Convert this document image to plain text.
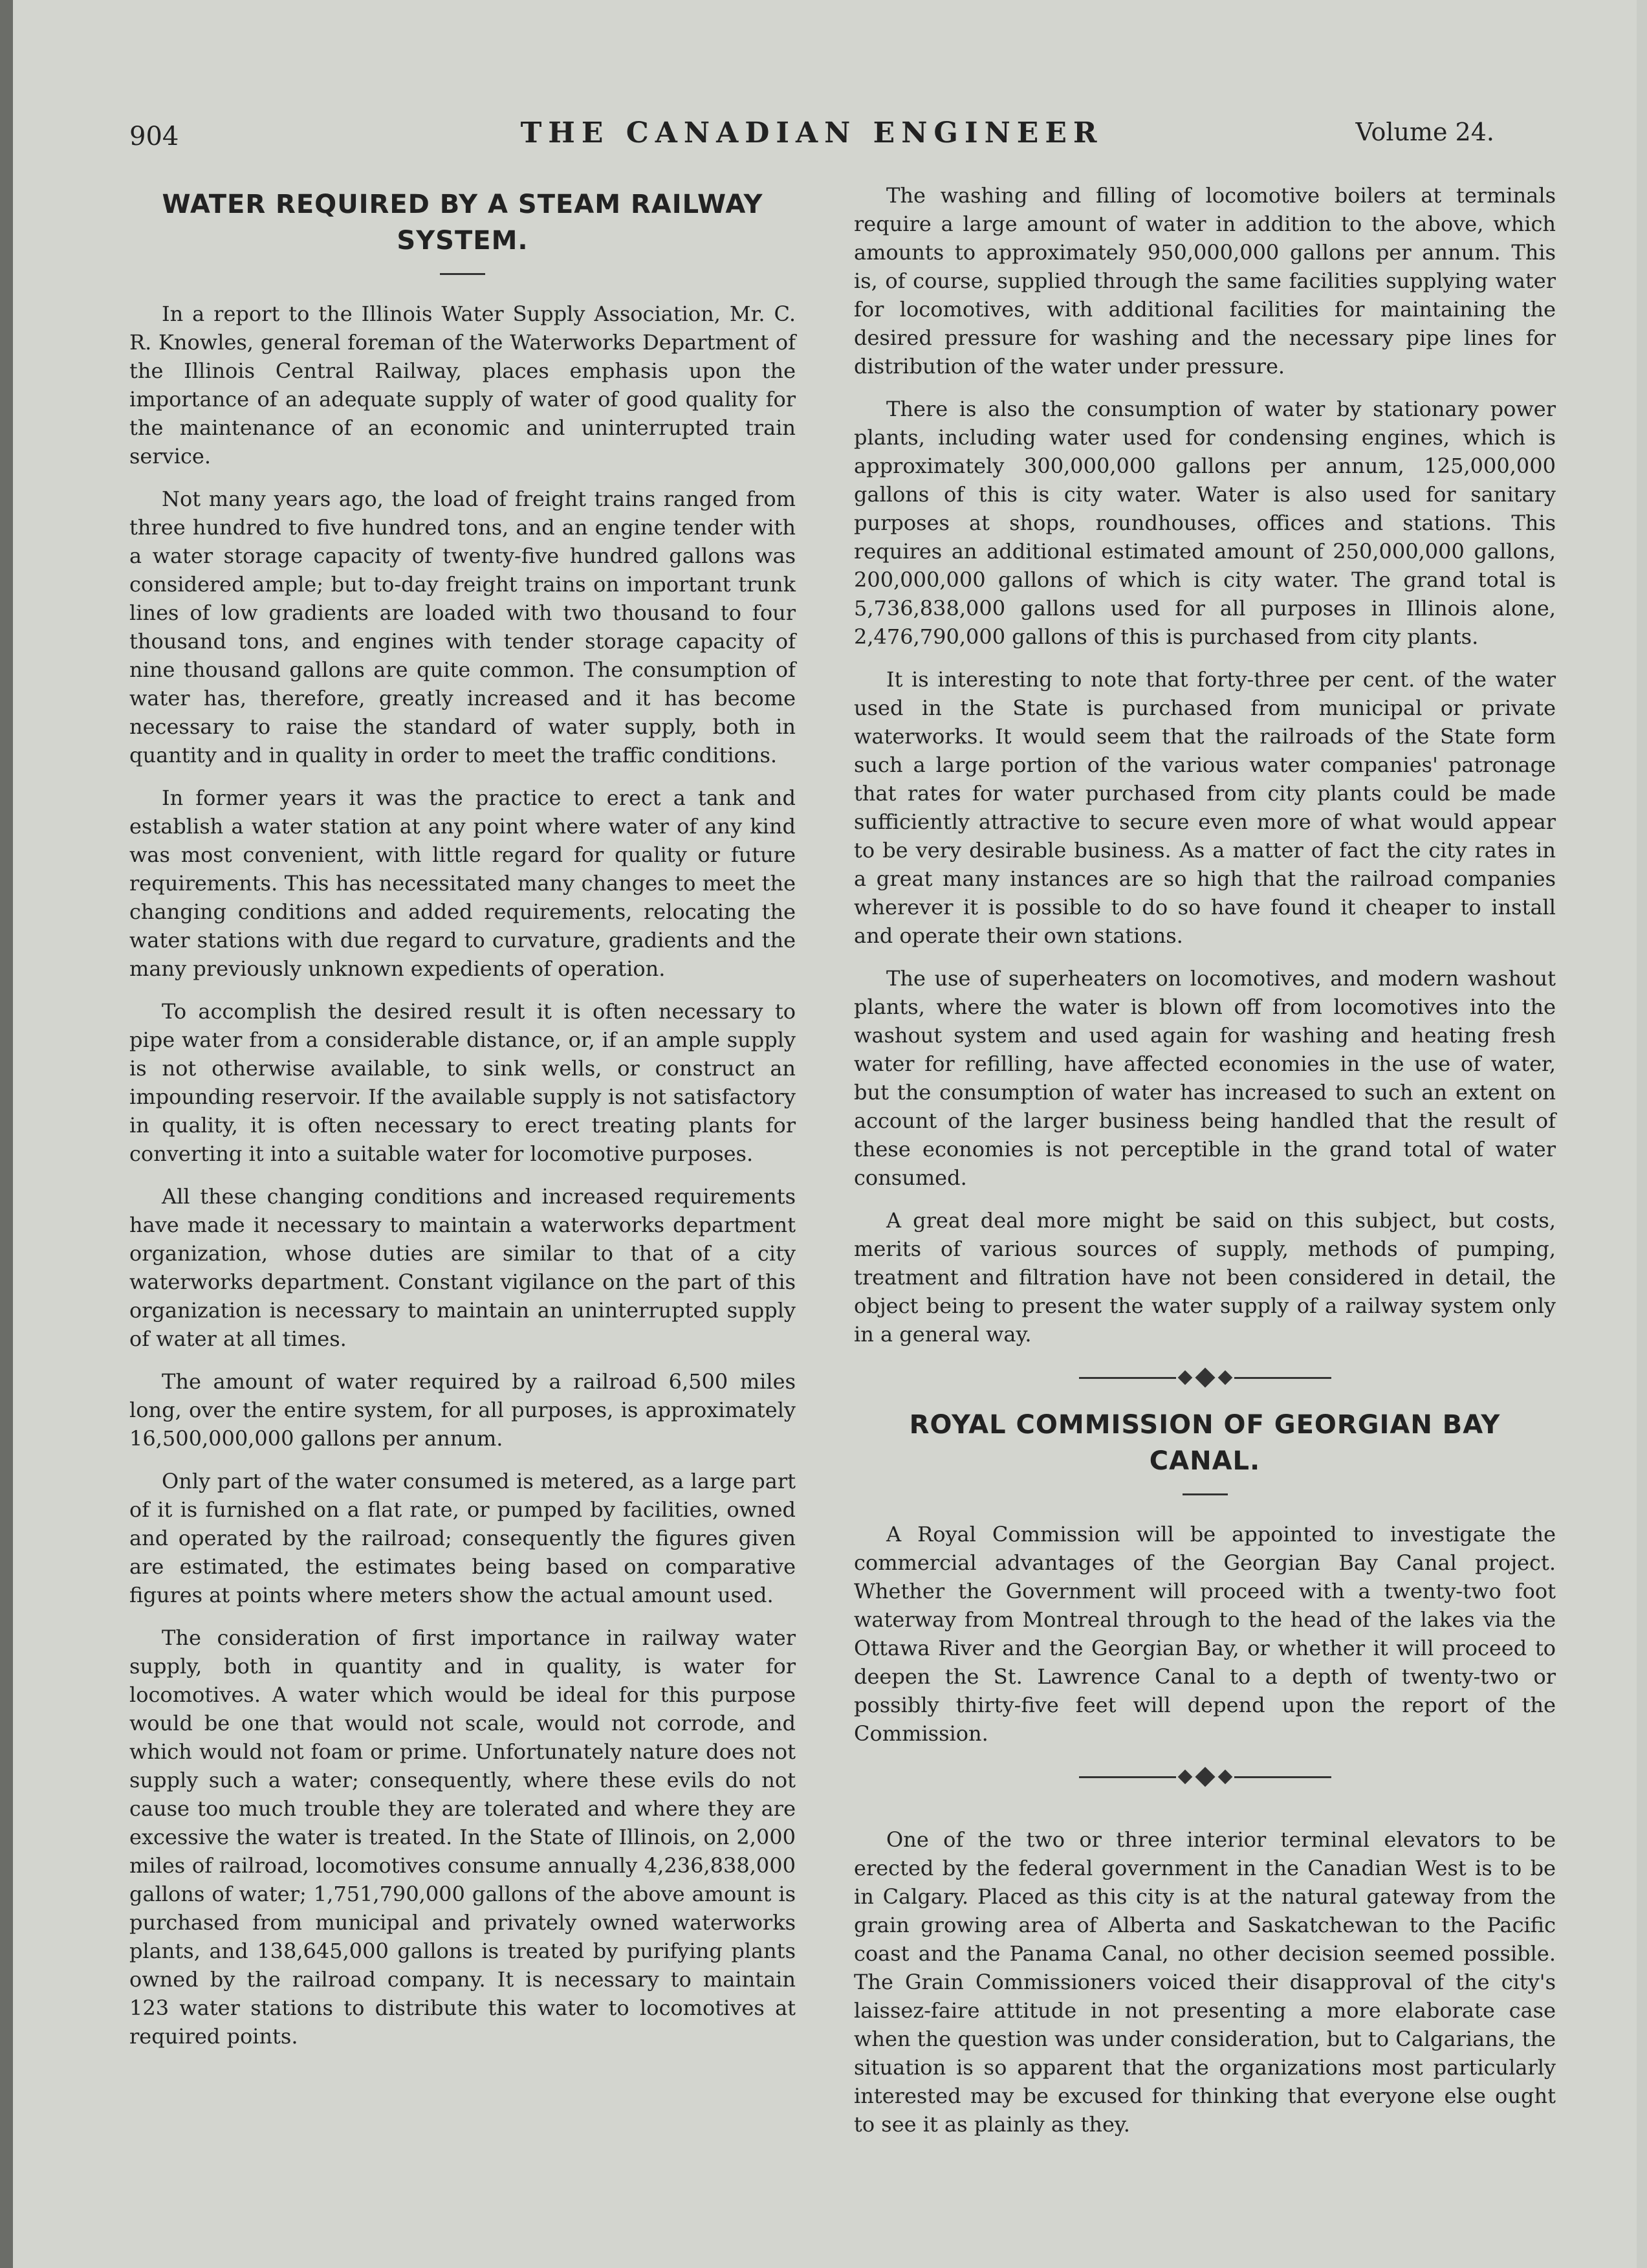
904	THE CANADIAN ENGINEER	Volume 24.
WATER REQUIRED BY A STEAM RAILWAY SYSTEM.

In a report to the Illinois Water Supply Association, Mr. C. R. Knowles, general foreman of the Waterworks Department of the Illinois Central Railway, places emphasis upon the importance of an adequate supply of water of good quality for the maintenance of an economic and uninterrupted train service.

Not many years ago, the load of freight trains ranged from three hundred to five hundred tons, and an engine tender with a water storage capacity of twenty-five hundred gallons was considered ample; but to-day freight trains on important trunk lines of low gradients are loaded with two thousand to four thousand tons, and engines with tender storage capacity of nine thousand gallons are quite common. The consumption of water has, therefore, greatly increased and it has become necessary to raise the standard of water supply, both in quantity and in quality in order to meet the traffic conditions.

In former years it was the practice to erect a tank and establish a water station at any point where water of any kind was most convenient, with little regard for quality or future requirements. This has necessitated many changes to meet the changing conditions and added requirements, relocating the water stations with due regard to curvature, gradients and the many previously unknown expedients of operation.

To accomplish the desired result it is often necessary to pipe water from a considerable distance, or, if an ample supply is not otherwise available, to sink wells, or construct an impounding reservoir. If the available supply is not satisfactory in quality, it is often necessary to erect treating plants for converting it into a suitable water for locomotive purposes.

All these changing conditions and increased requirements have made it necessary to maintain a waterworks department organization, whose duties are similar to that of a city waterworks department. Constant vigilance on the part of this organization is necessary to maintain an uninterrupted supply of water at all times.

The amount of water required by a railroad 6,500 miles long, over the entire system, for all purposes, is approximately 16,500,000,000 gallons per annum.

Only part of the water consumed is metered, as a large part of it is furnished on a flat rate, or pumped by facilities, owned and operated by the railroad; consequently the figures given are estimated, the estimates being based on comparative figures at points where meters show the actual amount used.

The consideration of first importance in railway water supply, both in quantity and in quality, is water for locomotives. A water which would be ideal for this purpose would be one that would not scale, would not corrode, and which would not foam or prime. Unfortunately nature does not supply such a water; consequently, where these evils do not cause too much trouble they are tolerated and where they are excessive the water is treated. In the State of Illinois, on 2,000 miles of railroad, locomotives consume annually 4,236,838,000 gallons of water; 1,751,790,000 gallons of the above amount is purchased from municipal and privately owned waterworks plants, and 138,645,000 gallons is treated by purifying plants owned by the railroad company. It is necessary to maintain 123 water stations to distribute this water to locomotives at required points.

The washing and filling of locomotive boilers at terminals require a large amount of water in addition to the above, which amounts to approximately 950,000,000 gallons per annum. This is, of course, supplied through the same facilities supplying water for locomotives, with additional facilities for maintaining the desired pressure for washing and the necessary pipe lines for distribution of the water under pressure.

There is also the consumption of water by stationary power plants, including water used for condensing engines, which is approximately 300,000,000 gallons per annum, 125,000,000 gallons of this is city water. Water is also used for sanitary purposes at shops, roundhouses, offices and stations. This requires an additional estimated amount of 250,000,000 gallons, 200,000,000 gallons of which is city water. The grand total is 5,736,838,000 gallons used for all purposes in Illinois alone, 2,476,790,000 gallons of this is purchased from city plants.

It is interesting to note that forty-three per cent. of the water used in the State is purchased from municipal or private waterworks. It would seem that the railroads of the State form such a large portion of the various water companies' patronage that rates for water purchased from city plants could be made sufficiently attractive to secure even more of what would appear to be very desirable business. As a matter of fact the city rates in a great many instances are so high that the railroad companies wherever it is possible to do so have found it cheaper to install and operate their own stations.

The use of superheaters on locomotives, and modern washout plants, where the water is blown off from locomotives into the washout system and used again for washing and heating fresh water for refilling, have affected economies in the use of water, but the consumption of water has increased to such an extent on account of the larger business being handled that the result of these economies is not perceptible in the grand total of water consumed.

A great deal more might be said on this subject, but costs, merits of various sources of supply, methods of pumping, treatment and filtration have not been considered in detail, the object being to present the water supply of a railway system only in a general way.

ROYAL COMMISSION OF GEORGIAN BAY CANAL.

A Royal Commission will be appointed to investigate the commercial advantages of the Georgian Bay Canal project. Whether the Government will proceed with a twenty-two foot waterway from Montreal through to the head of the lakes via the Ottawa River and the Georgian Bay, or whether it will proceed to deepen the St. Lawrence Canal to a depth of twenty-two or possibly thirty-five feet will depend upon the report of the Commission.

One of the two or three interior terminal elevators to be erected by the federal government in the Canadian West is to be in Calgary. Placed as this city is at the natural gateway from the grain growing area of Alberta and Saskatchewan to the Pacific coast and the Panama Canal, no other decision seemed possible. The Grain Commissioners voiced their disapproval of the city's laissez-faire attitude in not presenting a more elaborate case when the question was under consideration, but to Calgarians, the situation is so apparent that the organizations most particularly interested may be excused for thinking that everyone else ought to see it as plainly as they.
